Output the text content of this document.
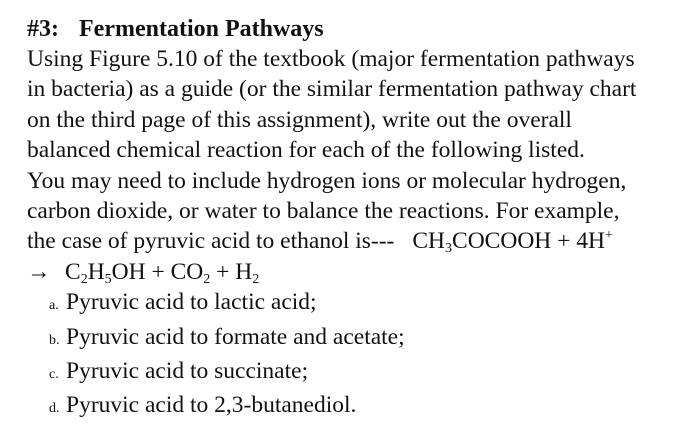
#3: Fermentation Pathways

Using Figure 5.10 of the textbook (major fermentation pathways

in bacteria) as a guide (or the similar fermentation pathway chart

on the third page of this assignment), write out the overall

balanced chemical reaction for each of the following listed.

You may need to include hydrogen ions or molecular hydrogen,

carbon dioxide, or water to balance the reactions. For example,

the case of pyruvic acid to ethanol is--- $CH_3COCOOH + 4H^+$

→ $C_2H_5OH + CO_2 + H_2$

a. Pyruvic acid to lactic acid;
b. Pyruvic acid to formate and acetate;
c. Pyruvic acid to succinate;
d. Pyruvic acid to 2,3-butanediol.
